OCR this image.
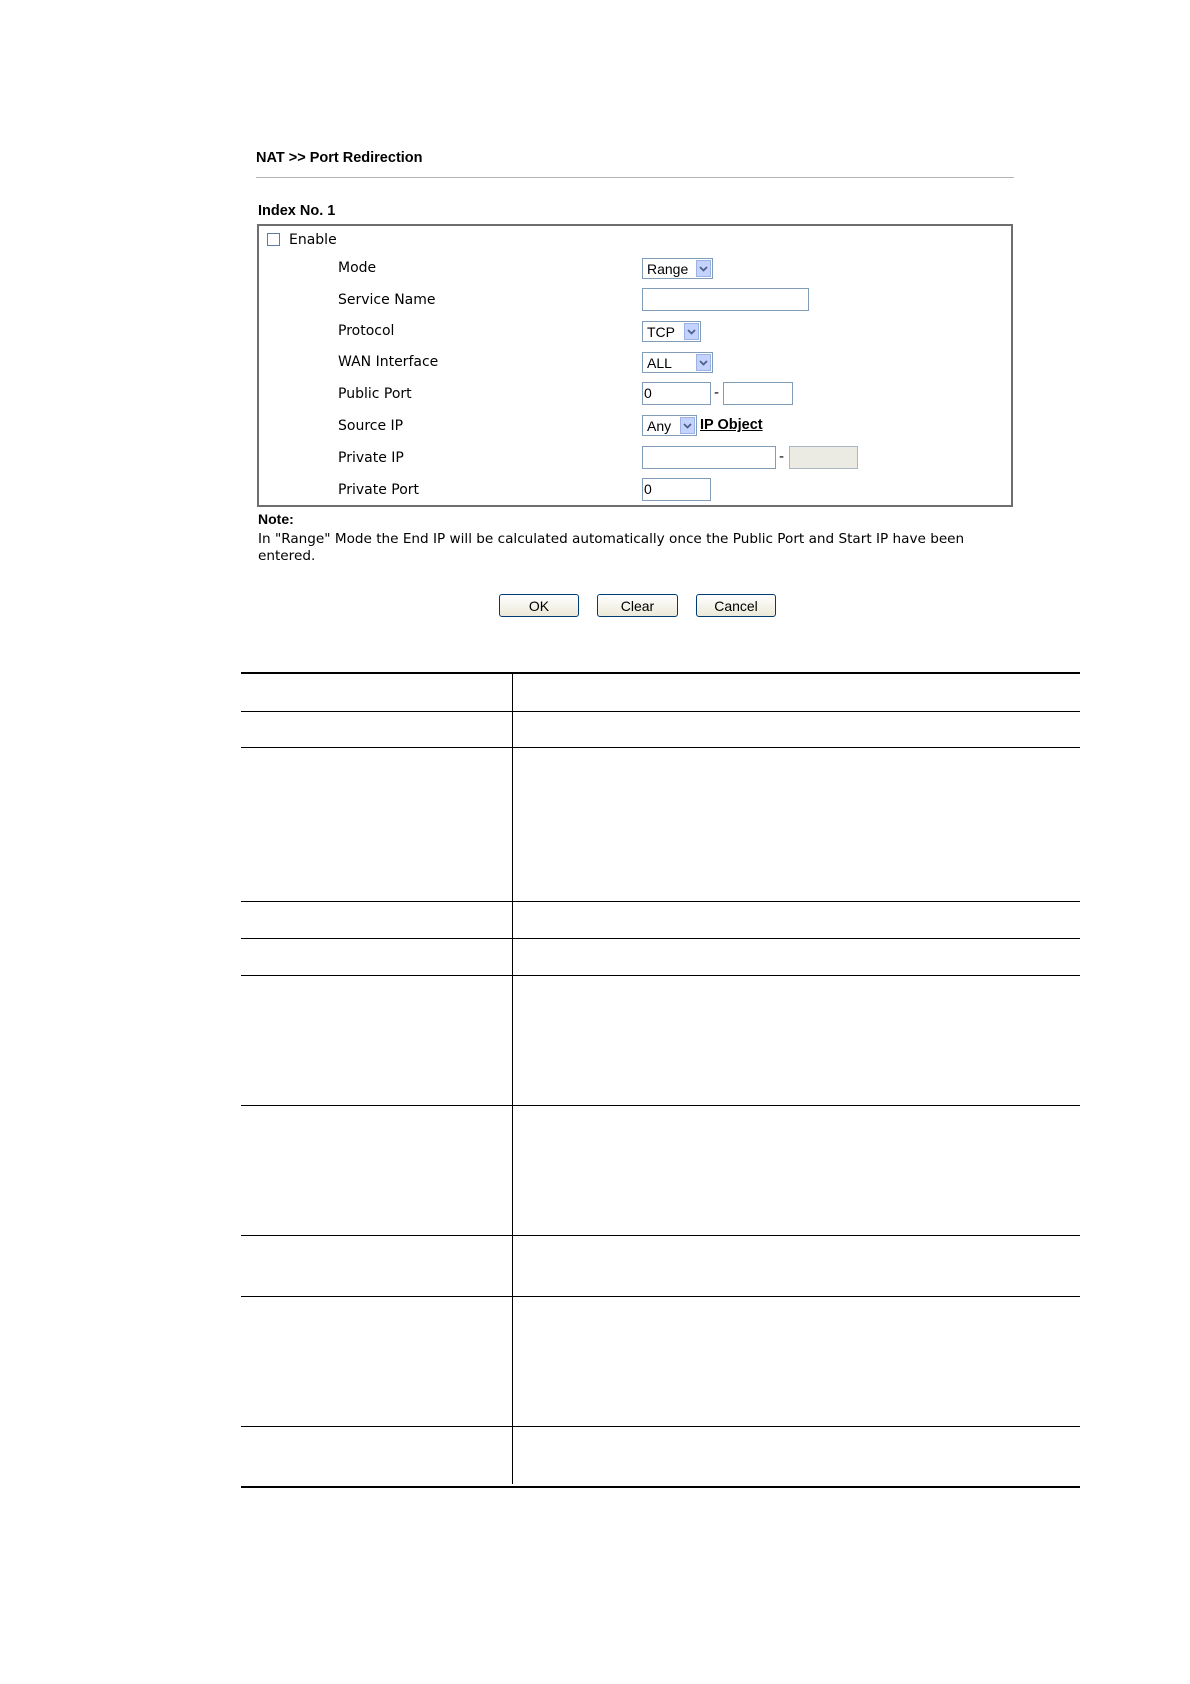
NAT >> Port Redirection
Index No. 1
Enable
Mode	Range
Service Name
Protocol	TCP
WAN Interface	ALL
Public Port	0	-
Source IP	Any	IP Object
Private IP	-
Private Port	0
Note:
In "Range" Mode the End IP will be calculated automatically once the Public Port and Start IP have been entered.
OK	Clear	Cancel
